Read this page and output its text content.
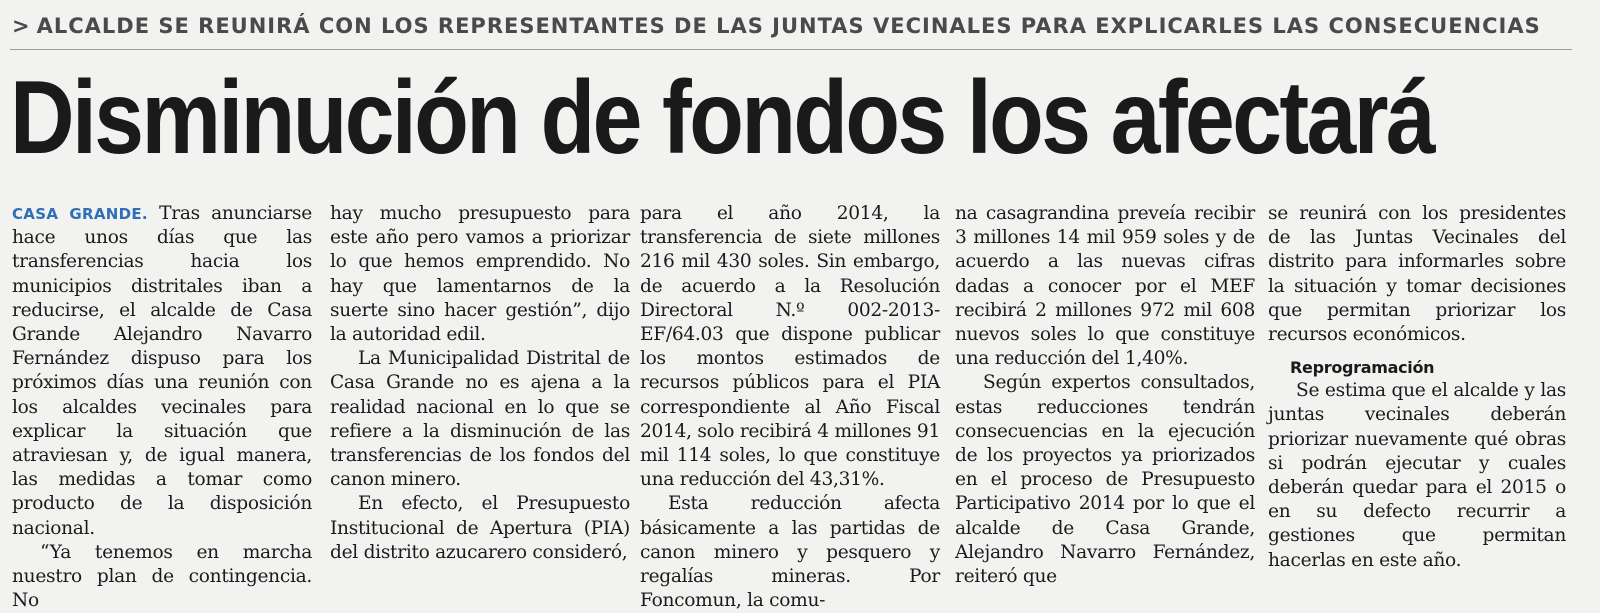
> ALCALDE SE REUNIRÁ CON LOS REPRESENTANTES DE LAS JUNTAS VECINALES PARA EXPLICARLES LAS CONSECUENCIAS
Disminución de fondos los afectará

CASA GRANDE. Tras anunciarse hace unos días que las transferencias hacia los municipios distritales iban a reducirse, el alcalde de Casa Grande Alejandro Navarro Fernández dispuso para los próximos días una reunión con los alcaldes vecinales para explicar la situación que atraviesan y, de igual manera, las medidas a tomar como producto de la disposición nacional.

“Ya tenemos en marcha nuestro plan de contingencia. No

hay mucho presupuesto para este año pero vamos a priorizar lo que hemos emprendido. No hay que lamentarnos de la suerte sino hacer gestión”, dijo la autoridad edil.

La Municipalidad Distrital de Casa Grande no es ajena a la realidad nacional en lo que se refiere a la disminución de las transferencias de los fondos del canon minero.

En efecto, el Presupuesto Institucional de Apertura (PIA) del distrito azucarero consideró,

para el año 2014, la transferencia de siete millones 216 mil 430 soles. Sin embargo, de acuerdo a la Resolución Directoral N.º 002-2013-EF/64.03 que dispone publicar los montos estimados de recursos públicos para el PIA correspondiente al Año Fiscal 2014, solo recibirá 4 millones 91 mil 114 soles, lo que constituye una reducción del 43,31%.

Esta reducción afecta básicamente a las partidas de canon minero y pesquero y regalías mineras. Por Foncomun, la comu-

na casagrandina preveía recibir 3 millones 14 mil 959 soles y de acuerdo a las nuevas cifras dadas a conocer por el MEF recibirá 2 millones 972 mil 608 nuevos soles lo que constituye una reducción del 1,40%.

Según expertos consultados, estas reducciones tendrán consecuencias en la ejecución de los proyectos ya priorizados en el proceso de Presupuesto Participativo 2014 por lo que el alcalde de Casa Grande, Alejandro Navarro Fernández, reiteró que

se reunirá con los presidentes de las Juntas Vecinales del distrito para informarles sobre la situación y tomar decisiones que permitan priorizar los recursos económicos.

Reprogramación

Se estima que el alcalde y las juntas vecinales deberán priorizar nuevamente qué obras si podrán ejecutar y cuales deberán quedar para el 2015 o en su defecto recurrir a gestiones que permitan hacerlas en este año.
